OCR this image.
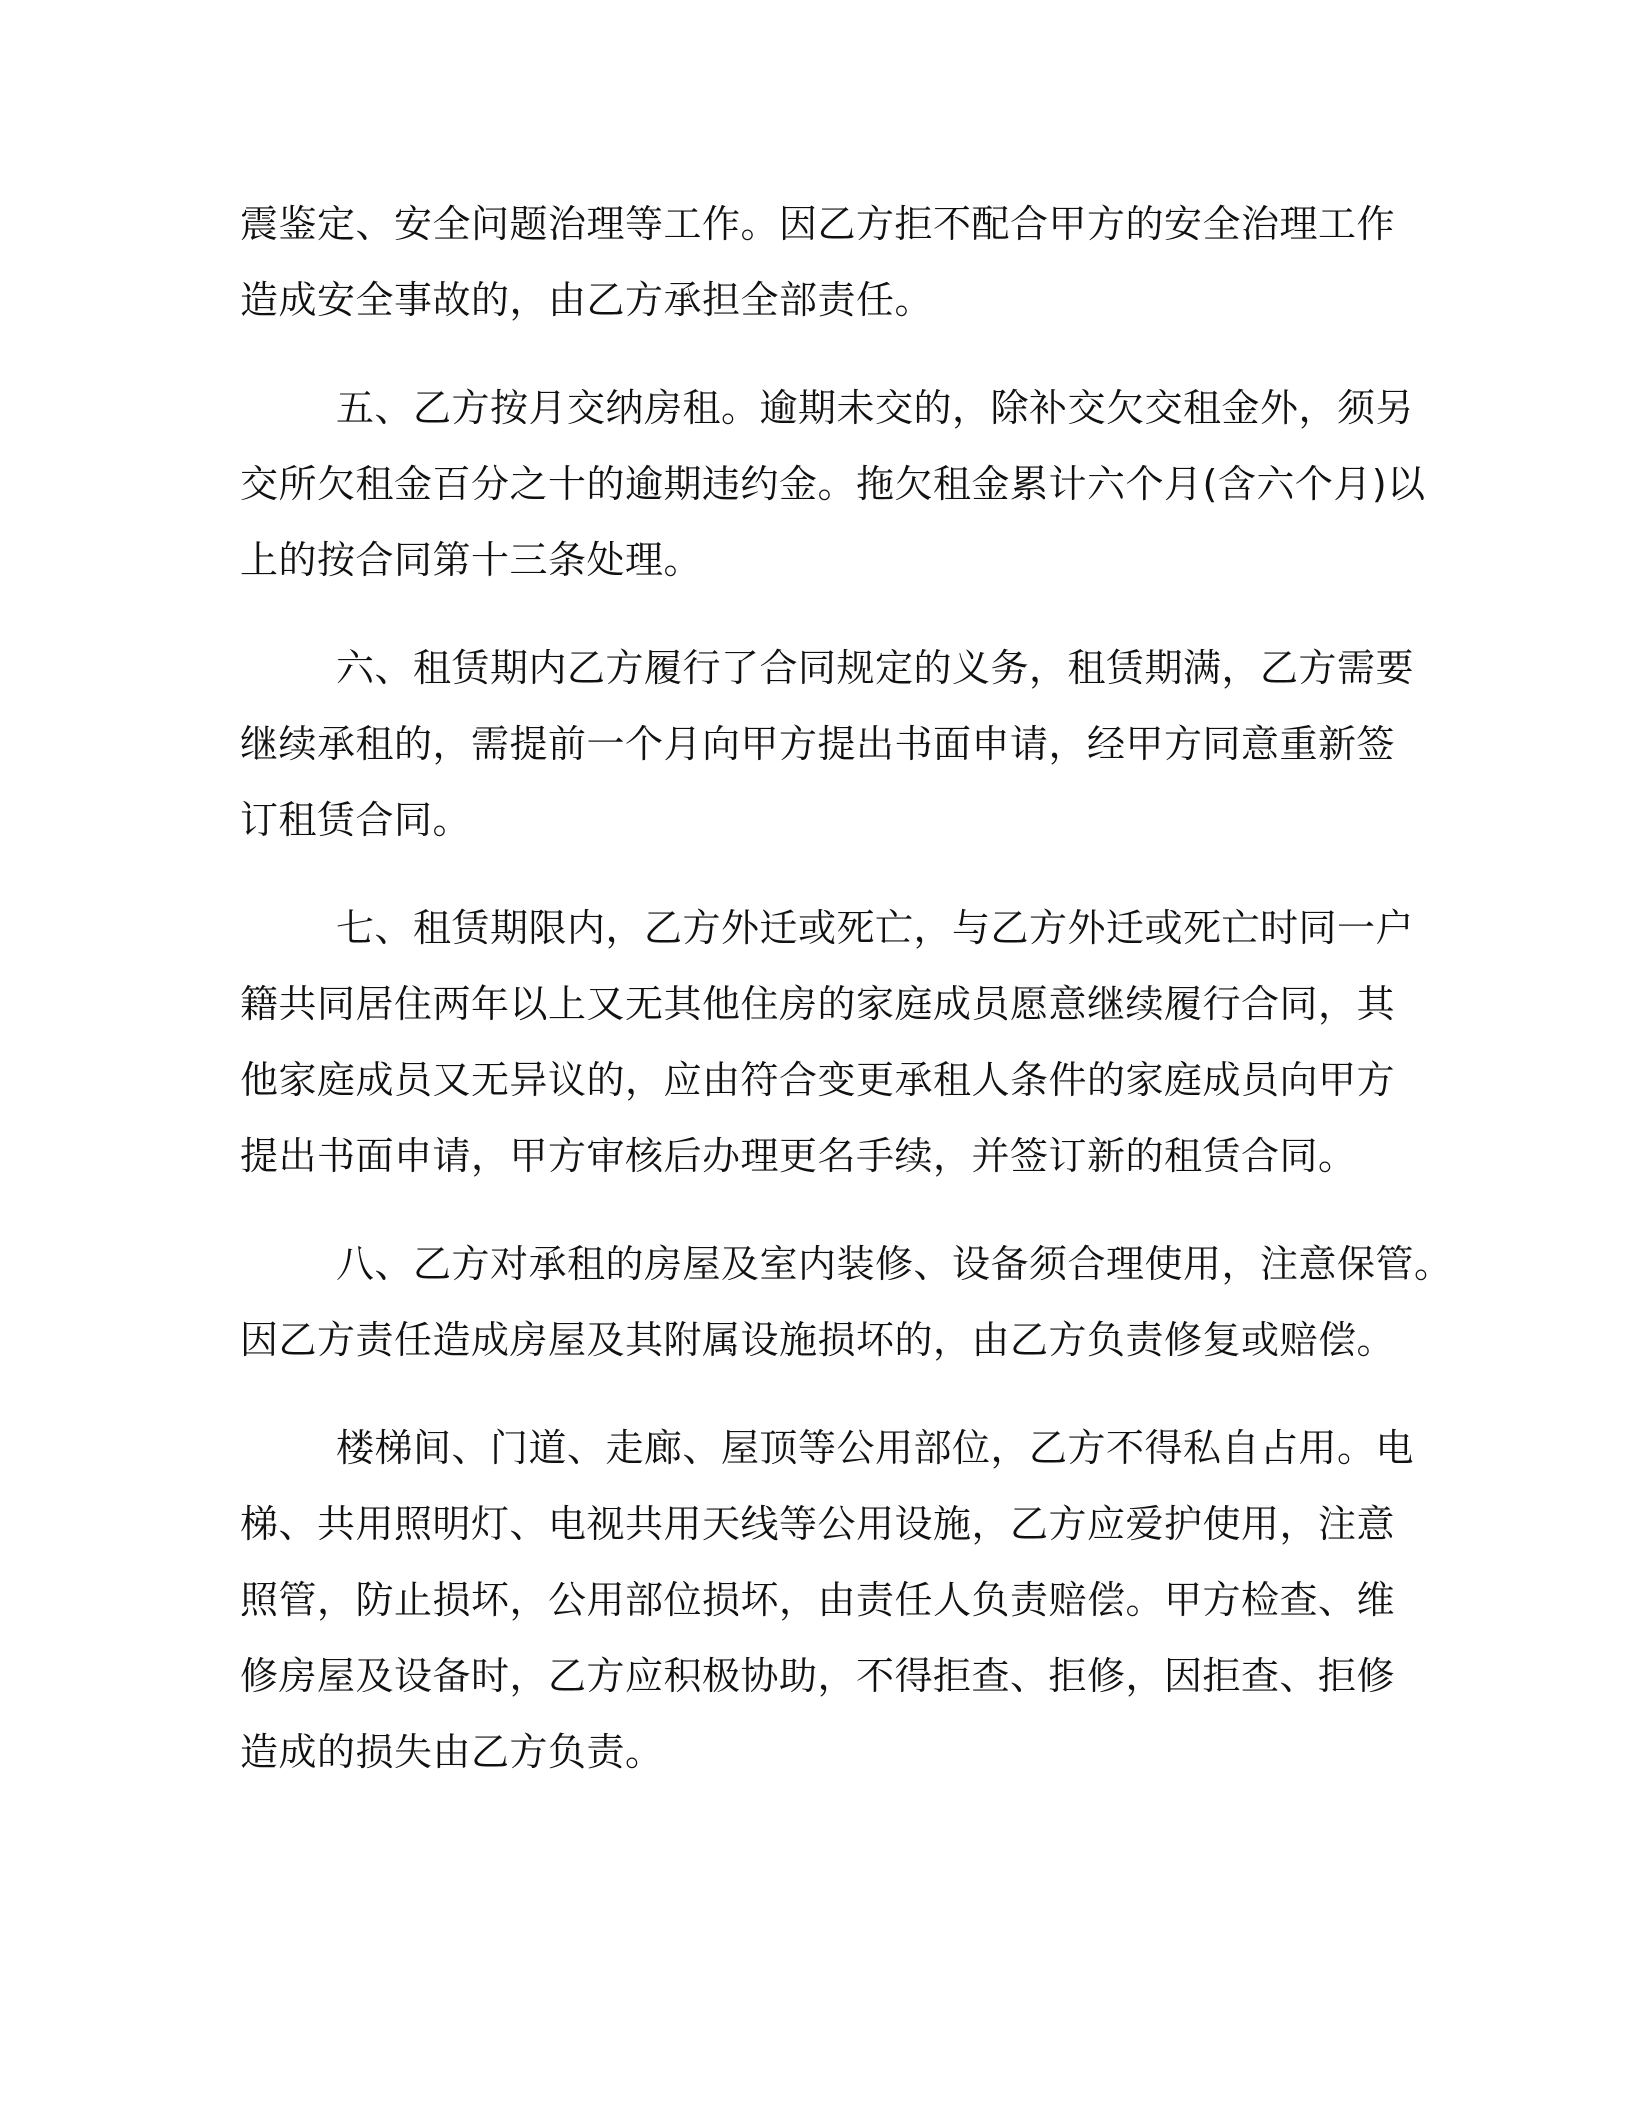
震鉴定、安全问题治理等工作。因乙方拒不配合甲方的安全治理工作
造成安全事故的，由乙方承担全部责任。
五、乙方按月交纳房租。逾期未交的，除补交欠交租金外，须另
交所欠租金百分之十的逾期违约金。拖欠租金累计六个月(含六个月)以
上的按合同第十三条处理。
六、租赁期内乙方履行了合同规定的义务，租赁期满，乙方需要
继续承租的，需提前一个月向甲方提出书面申请，经甲方同意重新签
订租赁合同。
七、租赁期限内，乙方外迁或死亡，与乙方外迁或死亡时同一户
籍共同居住两年以上又无其他住房的家庭成员愿意继续履行合同，其
他家庭成员又无异议的，应由符合变更承租人条件的家庭成员向甲方
提出书面申请，甲方审核后办理更名手续，并签订新的租赁合同。
八、乙方对承租的房屋及室内装修、设备须合理使用，注意保管。
因乙方责任造成房屋及其附属设施损坏的，由乙方负责修复或赔偿。
楼梯间、门道、走廊、屋顶等公用部位，乙方不得私自占用。电
梯、共用照明灯、电视共用天线等公用设施，乙方应爱护使用，注意
照管，防止损坏，公用部位损坏，由责任人负责赔偿。甲方检查、维
修房屋及设备时，乙方应积极协助，不得拒查、拒修，因拒查、拒修
造成的损失由乙方负责。
